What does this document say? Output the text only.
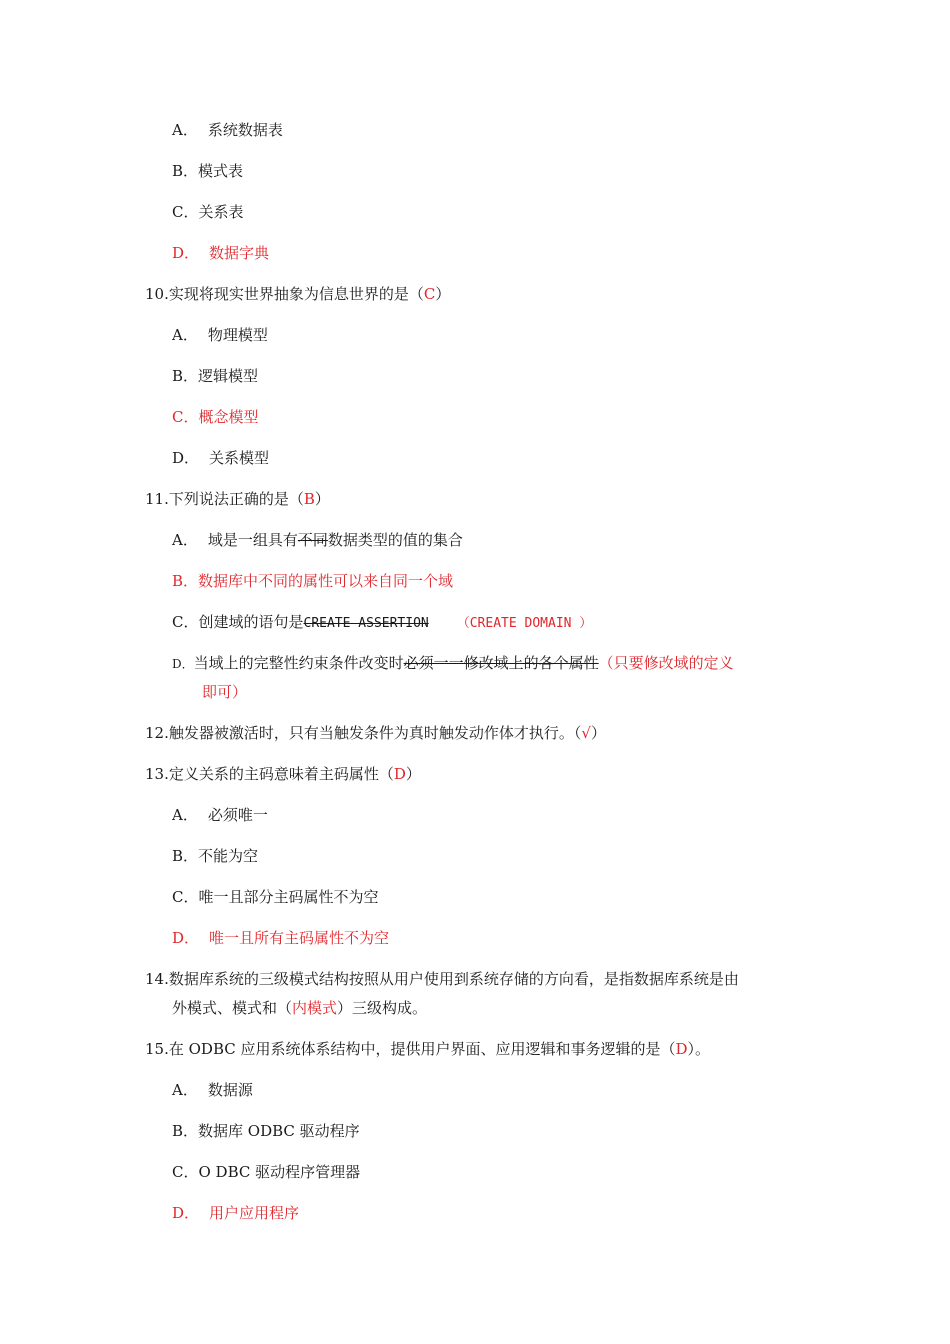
A． 系统数据表
B．模式表
C．关系表
D． 数据字典
10.实现将现实世界抽象为信息世界的是（C）
A． 物理模型
B．逻辑模型
C．概念模型
D． 关系模型
11.下列说法正确的是（B）
A． 域是一组具有不同数据类型的值的集合
B．数据库中不同的属性可以来自同一个域
C．创建域的语句是CREATE ASSERTION （CREATE DOMAIN ）
D．当域上的完整性约束条件改变时必须一一修改域上的各个属性（只要修改域的定义
即可）
12.触发器被激活时，只有当触发条件为真时触发动作体才执行。（√）
13.定义关系的主码意味着主码属性（D）
A． 必须唯一
B．不能为空
C．唯一且部分主码属性不为空
D． 唯一且所有主码属性不为空
14.数据库系统的三级模式结构按照从用户使用到系统存储的方向看，是指数据库系统是由
外模式、模式和（内模式）三级构成。
15.在 ODBC 应用系统体系结构中，提供用户界面、应用逻辑和事务逻辑的是（D）。
A． 数据源
B．数据库 ODBC 驱动程序
C．O DBC 驱动程序管理器
D． 用户应用程序
